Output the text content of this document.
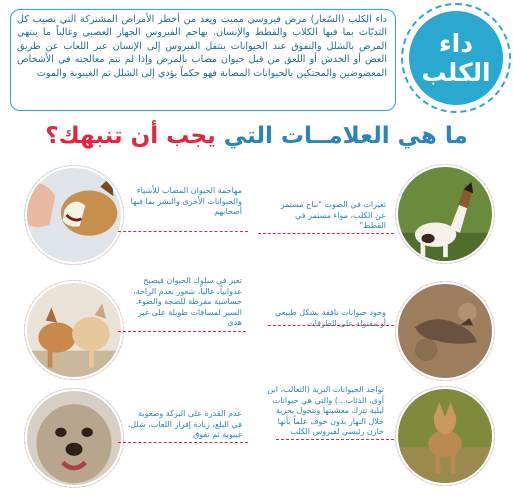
داء الكلب (السُعار) مرض فيروسي مميت ويعد من أخطر الأمراض المشتركة التي تصيب كل الثديّات بما فيها الكلاب والقطط والإنسان. يهاجم الفيروس الجهاز العصبي وغالباً ما ينتهي المرض بالشلل والنفوق عند الحيوانات ينتقل الفيروس إلى الإنسان عبر اللعاب عن طريق العض أو الخدش أو اللعق من قبل حيوان مصاب بالمرض وإذا لم تتم معالجته في الأشخاص المعضوضين والمحتكين بالحيوانات المصابة فهو حكماً يؤدي إلى الشلل ثم الغيبوبة والموت
داء
الكلب
ما هي العلامــات التي يجب أن تنبهك؟
تغيرات في الصوت "نباح مستمر عن الكلب، مواء مستمر في القطط"
مهاجمة الحيوان المصاب للأشياء والحيوانات الأخرى والبشر بما فيها أصحابهم
وجود حيوانات نافقة بشكل طبيعي أو مقتولة على الطرقات
تغير في سلوك الحيوان فيصبح عدوانياً، عالياً، شعور بعدم الراحة، حساسية مفرطة للضجة والضوء، السير لمسافات طويلة على غير هدى
تواجد الحيوانات البرية (الثعالب، ابن آوى، الذئاب...) والتي هي حيوانات ليلية تترك معشيتها وتتجول بحرية خلال النهار بدون خوف علماً بأنها خازن رئيسي لفيروس الكلب
عدم القدرة على البركة وصعوبة في البلع، زيادة إفراز اللعاب، شلل، غيبوبة ثم نفوق
